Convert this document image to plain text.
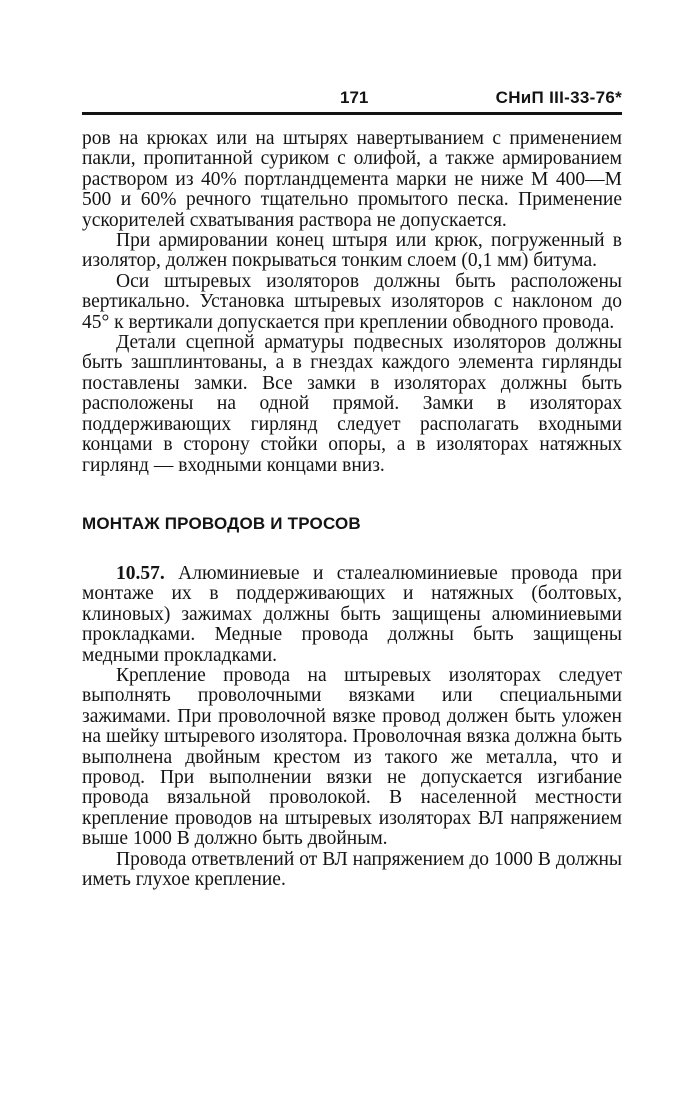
171	СНиП III-33-76*

ров на крюках или на штырях навертыванием с применением пакли, пропитанной суриком с олифой, а также армированием раствором из 40% портландцемента марки не ниже М 400—М 500 и 60% речного тщательно промытого песка. Применение ускорителей схватывания раствора не допускается.

При армировании конец штыря или крюк, погруженный в изолятор, должен покрываться тонким слоем (0,1 мм) битума.

Оси штыревых изоляторов должны быть расположены вертикально. Установка штыревых изоляторов с наклоном до 45° к вертикали допускается при креплении обводного провода.

Детали сцепной арматуры подвесных изоляторов должны быть зашплинтованы, а в гнездах каждого элемента гирлянды поставлены замки. Все замки в изоляторах должны быть расположены на одной прямой. Замки в изоляторах поддерживающих гирлянд следует располагать входными концами в сторону стойки опоры, а в изоляторах натяжных гирлянд — входными концами вниз.

МОНТАЖ ПРОВОДОВ И ТРОСОВ

10.57. Алюминиевые и сталеалюминиевые провода при монтаже их в поддерживающих и натяжных (болтовых, клиновых) зажимах должны быть защищены алюминиевыми прокладками. Медные провода должны быть защищены медными прокладками.

Крепление провода на штыревых изоляторах следует выполнять проволочными вязками или специальными зажимами. При проволочной вязке провод должен быть уложен на шейку штыревого изолятора. Проволочная вязка должна быть выполнена двойным крестом из такого же металла, что и провод. При выполнении вязки не допускается изгибание провода вязальной проволокой. В населенной местности крепление проводов на штыревых изоляторах ВЛ напряжением выше 1000 В должно быть двойным.

Провода ответвлений от ВЛ напряжением до 1000 В должны иметь глухое крепление.
